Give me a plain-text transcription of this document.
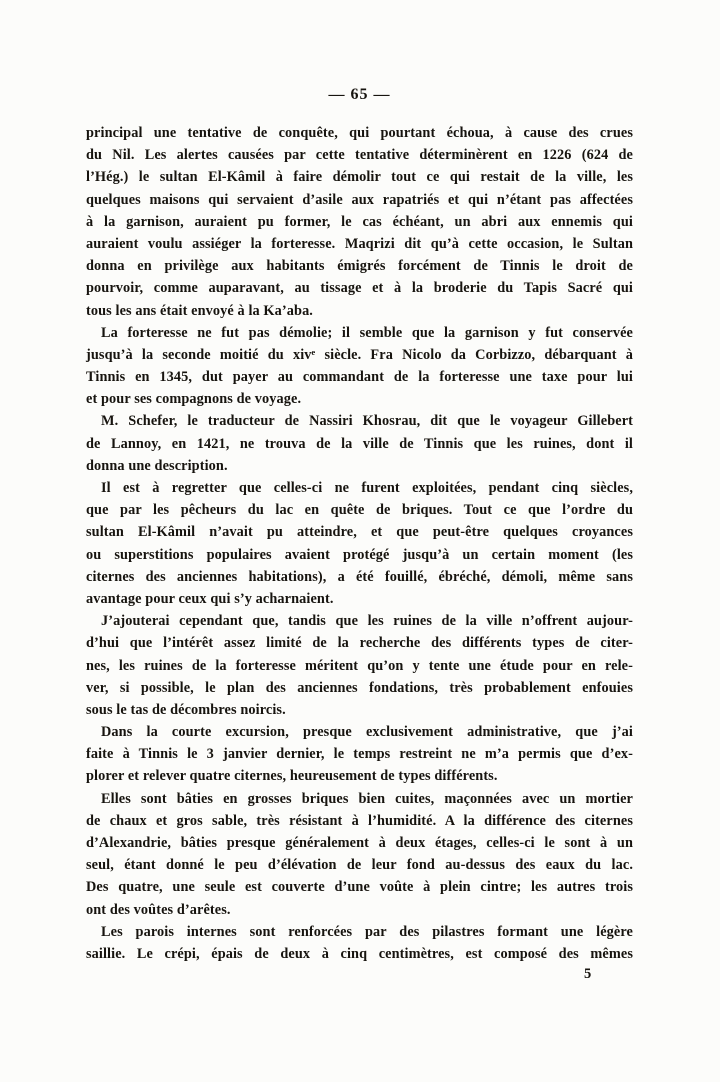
— 65 —
principal une tentative de conquête, qui pourtant échoua, à cause des crues
du Nil. Les alertes causées par cette tentative déterminèrent en 1226 (624 de
l’Hég.) le sultan El-Kâmil à faire démolir tout ce qui restait de la ville, les
quelques maisons qui servaient d’asile aux rapatriés et qui n’étant pas affectées
à la garnison, auraient pu former, le cas échéant, un abri aux ennemis qui
auraient voulu assiéger la forteresse. Maqrizi dit qu’à cette occasion, le Sultan
donna en privilège aux habitants émigrés forcément de Tinnis le droit de
pourvoir, comme auparavant, au tissage et à la broderie du Tapis Sacré qui
tous les ans était envoyé à la Ka’aba.
La forteresse ne fut pas démolie; il semble que la garnison y fut conservée
jusqu’à la seconde moitié du xivᵉ siècle. Fra Nicolo da Corbizzo, débarquant à
Tinnis en 1345, dut payer au commandant de la forteresse une taxe pour lui
et pour ses compagnons de voyage.
M. Schefer, le traducteur de Nassiri Khosrau, dit que le voyageur Gillebert
de Lannoy, en 1421, ne trouva de la ville de Tinnis que les ruines, dont il
donna une description.
Il est à regretter que celles-ci ne furent exploitées, pendant cinq siècles,
que par les pêcheurs du lac en quête de briques. Tout ce que l’ordre du
sultan El-Kâmil n’avait pu atteindre, et que peut-être quelques croyances
ou superstitions populaires avaient protégé jusqu’à un certain moment (les
citernes des anciennes habitations), a été fouillé, ébréché, démoli, même sans
avantage pour ceux qui s’y acharnaient.
J’ajouterai cependant que, tandis que les ruines de la ville n’offrent aujour-
d’hui que l’intérêt assez limité de la recherche des différents types de citer-
nes, les ruines de la forteresse méritent qu’on y tente une étude pour en rele-
ver, si possible, le plan des anciennes fondations, très probablement enfouies
sous le tas de décombres noircis.
Dans la courte excursion, presque exclusivement administrative, que j’ai
faite à Tinnis le 3 janvier dernier, le temps restreint ne m’a permis que d’ex-
plorer et relever quatre citernes, heureusement de types différents.
Elles sont bâties en grosses briques bien cuites, maçonnées avec un mortier
de chaux et gros sable, très résistant à l’humidité. A la différence des citernes
d’Alexandrie, bâties presque généralement à deux étages, celles-ci le sont à un
seul, étant donné le peu d’élévation de leur fond au-dessus des eaux du lac.
Des quatre, une seule est couverte d’une voûte à plein cintre; les autres trois
ont des voûtes d’arêtes.
Les parois internes sont renforcées par des pilastres formant une légère
saillie. Le crépi, épais de deux à cinq centimètres, est composé des mêmes
5
